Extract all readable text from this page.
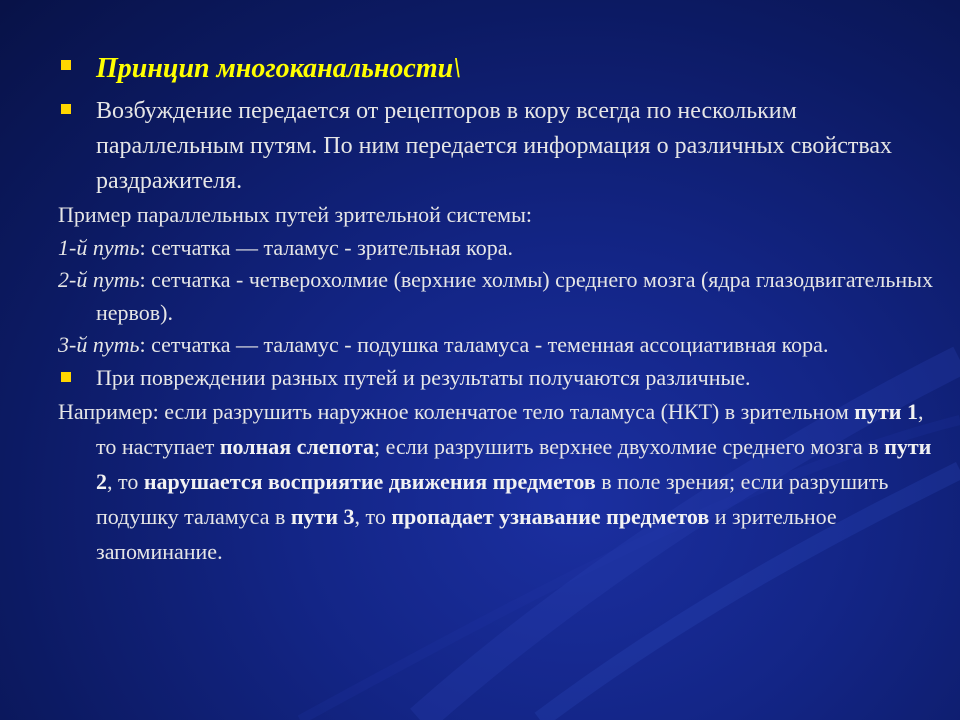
Принцип многоканальности\
Возбуждение передается от рецепторов в кору всегда по нескольким параллельным путям. По ним передается информация о различных свойствах раздражителя.
Пример параллельных путей зрительной системы:
1-й путь: сетчатка — таламус - зрительная кора.
2-й путь: сетчатка - четверохолмие (верхние холмы) среднего мозга (ядра глазодвигательных нервов).
3-й путь: сетчатка — таламус - подушка таламуса - теменная ассоциативная кора.
При повреждении разных путей и результаты получаются различные.
Например: если разрушить наружное коленчатое тело таламуса (НКТ) в зрительном пути 1, то наступает полная слепота; если разрушить верхнее двухолмие среднего мозга в пути 2, то нарушается восприятие движения предметов в поле зрения; если разрушить подушку таламуса в пути 3, то пропадает узнавание предметов и зрительное запоминание.
